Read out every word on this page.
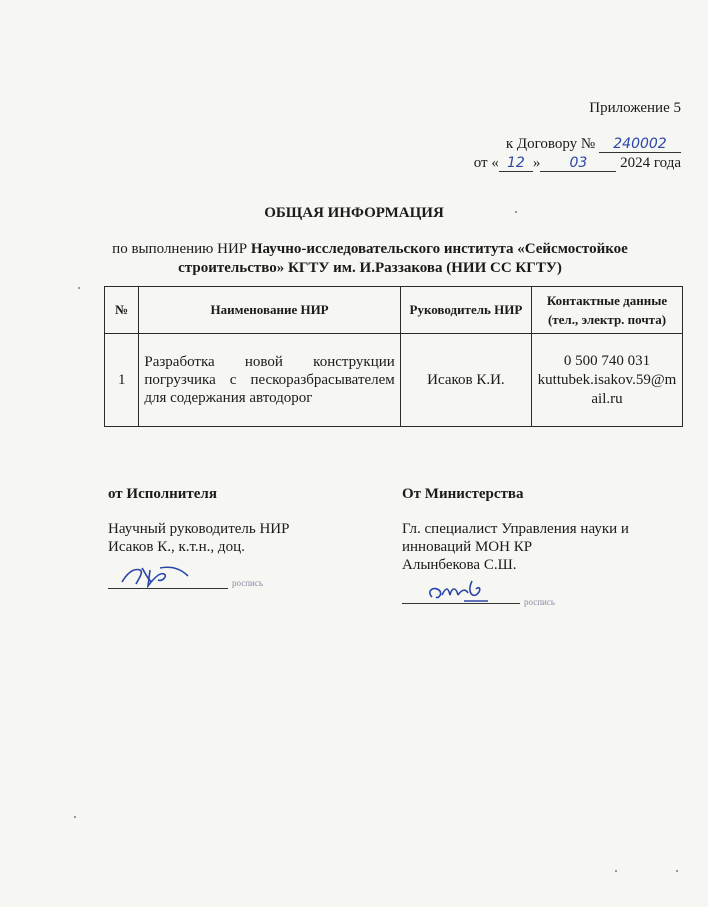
Приложение 5
к Договору № 240002
от « 12 » 03 2024 года
ОБЩАЯ ИНФОРМАЦИЯ
по выполнению НИР Научно-исследовательского института «Сейсмостойкое
строительство» КГТУ им. И.Раззакова (НИИ СС КГТУ)
№	Наименование НИР	Руководитель НИР	Контактные данные (тел., электр. почта)
1	Разработка новой конструкции погрузчика с пескоразбрасывателем для содержания автодорог	Исаков К.И.	0 500 740 031
kuttubek.isakov.59@mail.ru
от Исполнителя
Научный руководитель НИР
Исаков К., к.т.н., доц.
роспись
От Министерства
Гл. специалист Управления науки и
инноваций МОН КР
Алынбекова С.Ш.
роспись
